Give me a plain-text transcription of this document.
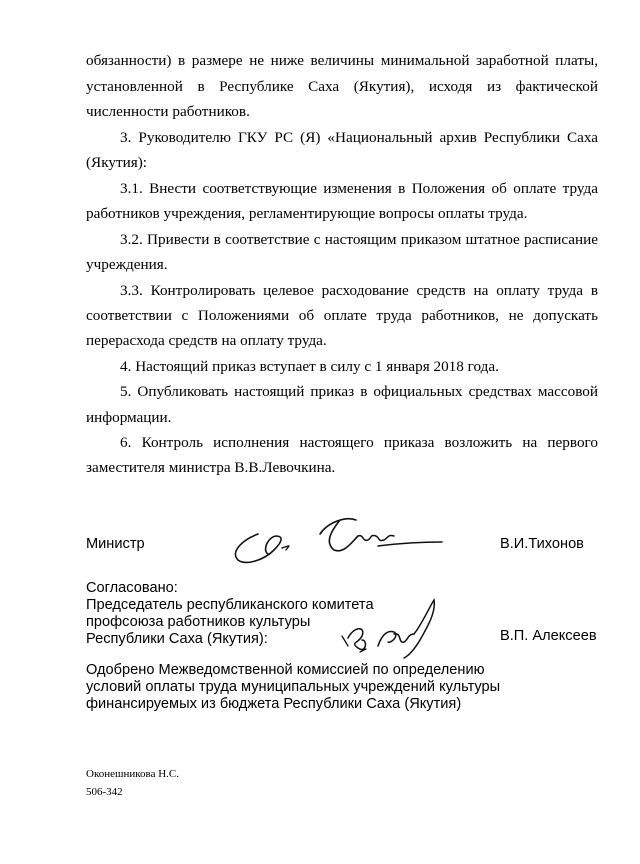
обязанности) в размере не ниже величины минимальной заработной платы,
установленной в Республике Саха (Якутия), исходя из фактической
численности работников.
3. Руководителю ГКУ РС (Я) «Национальный архив Республики Саха
(Якутия):
3.1. Внести соответствующие изменения в Положения об оплате труда
работников учреждения, регламентирующие вопросы оплаты труда.
3.2. Привести в соответствие с настоящим приказом штатное расписание
учреждения.
3.3. Контролировать целевое расходование средств на оплату труда в
соответствии с Положениями об оплате труда работников, не допускать
перерасхода средств на оплату труда.
4. Настоящий приказ вступает в силу с 1 января 2018 года.
5. Опубликовать настоящий приказ в официальных средствах массовой
информации.
6. Контроль исполнения настоящего приказа возложить на первого
заместителя министра В.В.Левочкина.
Министр	В.И.Тихонов
Согласовано:
Председатель республиканского комитета
профсоюза работников культуры
Республики Саха (Якутия):	В.П. Алексеев
Одобрено Межведомственной комиссией по определению
условий оплаты труда муниципальных учреждений культуры
финансируемых из бюджета Республики Саха (Якутия)
Оконешникова Н.С.
506-342
